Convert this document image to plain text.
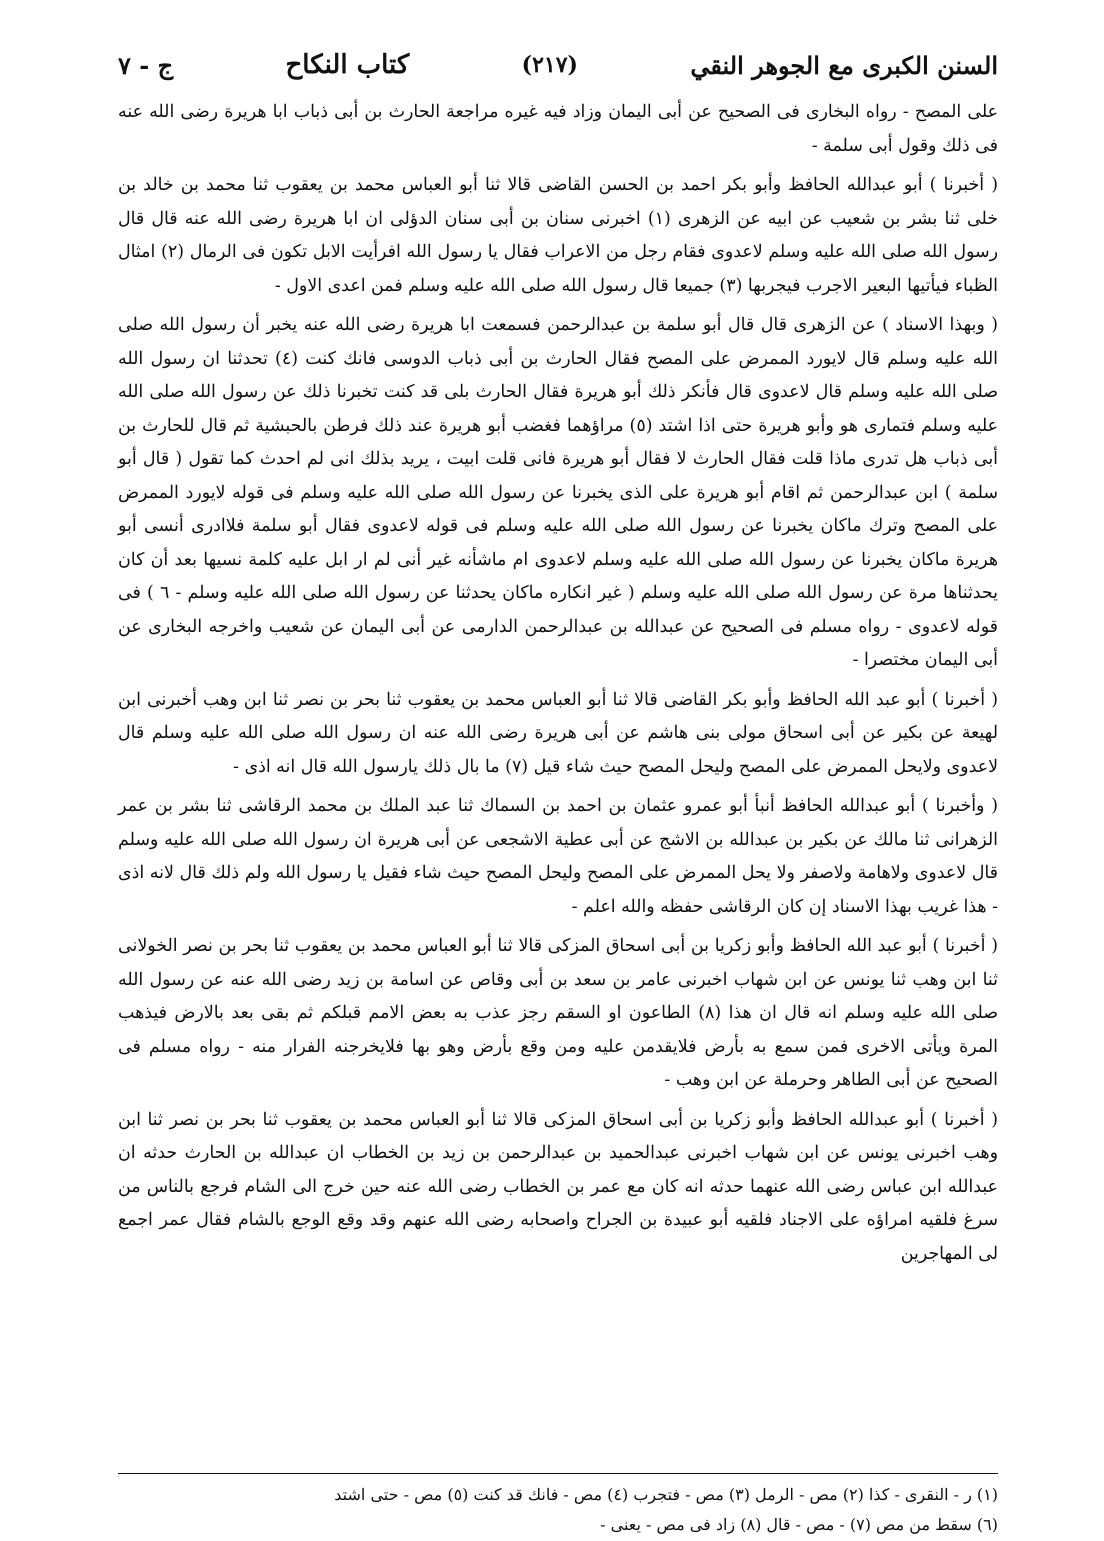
السنن الكبرى مع الجوهر النقي
(٢١٧)
كتاب النكاح
ج - ٧

على المصح - رواه البخارى فى الصحيح عن أبى اليمان وزاد فيه غيره مراجعة الحارث بن أبى ذباب ابا هريرة رضى الله عنه فى ذلك وقول أبى سلمة -

( أخبرنا ) أبو عبدالله الحافظ وأبو بكر احمد بن الحسن القاضى قالا ثنا أبو العباس محمد بن يعقوب ثنا محمد بن خالد بن خلى ثنا بشر بن شعيب عن ابيه عن الزهرى (١) اخبرنى سنان بن أبى سنان الدؤلى ان ابا هريرة رضى الله عنه قال قال رسول الله صلى الله عليه وسلم لاعدوى فقام رجل من الاعراب فقال يا رسول الله افرأيت الابل تكون فى الرمال (٢) امثال الظباء فيأتيها البعير الاجرب فيجربها (٣) جميعا قال رسول الله صلى الله عليه وسلم فمن اعدى الاول -

( وبهذا الاسناد ) عن الزهرى قال قال أبو سلمة بن عبدالرحمن فسمعت ابا هريرة رضى الله عنه يخبر أن رسول الله صلى الله عليه وسلم قال لايورد الممرض على المصح فقال الحارث بن أبى ذباب الدوسى فانك كنت (٤) تحدثنا ان رسول الله صلى الله عليه وسلم قال لاعدوى قال فأنكر ذلك أبو هريرة فقال الحارث بلى قد كنت تخبرنا ذلك عن رسول الله صلى الله عليه وسلم فتمارى هو وأبو هريرة حتى اذا اشتد (٥) مراؤهما فغضب أبو هريرة عند ذلك فرطن بالحبشية ثم قال للحارث بن أبى ذباب هل تدرى ماذا قلت فقال الحارث لا فقال أبو هريرة فانى قلت ابيت ، يريد بذلك انى لم احدث كما تقول ( قال أبو سلمة ) ابن عبدالرحمن ثم اقام أبو هريرة على الذى يخبرنا عن رسول الله صلى الله عليه وسلم فى قوله لايورد الممرض على المصح وترك ماكان يخبرنا عن رسول الله صلى الله عليه وسلم فى قوله لاعدوى فقال أبو سلمة فلاادرى أنسى أبو هريرة ماكان يخبرنا عن رسول الله صلى الله عليه وسلم لاعدوى ام ماشأنه غير أنى لم ار ابل عليه كلمة نسيها بعد أن كان يحدثناها مرة عن رسول الله صلى الله عليه وسلم ( غير انكاره ماكان يحدثنا عن رسول الله صلى الله عليه وسلم - ٦ ) فى قوله لاعدوى - رواه مسلم فى الصحيح عن عبدالله بن عبدالرحمن الدارمى عن أبى اليمان عن شعيب واخرجه البخارى عن أبى اليمان مختصرا -

( أخبرنا ) أبو عبد الله الحافظ وأبو بكر القاضى قالا ثنا أبو العباس محمد بن يعقوب ثنا بحر بن نصر ثنا ابن وهب أخبرنى ابن لهيعة عن بكير عن أبى اسحاق مولى بنى هاشم عن أبى هريرة رضى الله عنه ان رسول الله صلى الله عليه وسلم قال لاعدوى ولايحل الممرض على المصح وليحل المصح حيث شاء قيل (٧) ما بال ذلك يارسول الله قال انه اذى -

( وأخبرنا ) أبو عبدالله الحافظ أنبأ أبو عمرو عثمان بن احمد بن السماك ثنا عبد الملك بن محمد الرقاشى ثنا بشر بن عمر الزهرانى ثنا مالك عن بكير بن عبدالله بن الاشج عن أبى عطية الاشجعى عن أبى هريرة ان رسول الله صلى الله عليه وسلم قال لاعدوى ولاهامة ولاصفر ولا يحل الممرض على المصح وليحل المصح حيث شاء فقيل يا رسول الله ولم ذلك قال لانه اذى - هذا غريب بهذا الاسناد إن كان الرقاشى حفظه والله اعلم -

( أخبرنا ) أبو عبد الله الحافظ وأبو زكريا بن أبى اسحاق المزكى قالا ثنا أبو العباس محمد بن يعقوب ثنا بحر بن نصر الخولانى ثنا ابن وهب ثنا يونس عن ابن شهاب اخبرنى عامر بن سعد بن أبى وقاص عن اسامة بن زيد رضى الله عنه عن رسول الله صلى الله عليه وسلم انه قال ان هذا (٨) الطاعون او السقم رجز عذب به بعض الامم قبلكم ثم بقى بعد بالارض فيذهب المرة ويأتى الاخرى فمن سمع به بأرض فلايقدمن عليه ومن وقع بأرض وهو بها فلايخرجنه الفرار منه - رواه مسلم فى الصحيح عن أبى الطاهر وحرملة عن ابن وهب -

( أخبرنا ) أبو عبدالله الحافظ وأبو زكريا بن أبى اسحاق المزكى قالا ثنا أبو العباس محمد بن يعقوب ثنا بحر بن نصر ثنا ابن وهب اخبرنى يونس عن ابن شهاب اخبرنى عبدالحميد بن عبدالرحمن بن زيد بن الخطاب ان عبدالله بن الحارث حدثه ان عبدالله ابن عباس رضى الله عنهما حدثه انه كان مع عمر بن الخطاب رضى الله عنه حين خرج الى الشام فرجع بالناس من سرغ فلقيه امراؤه على الاجناد فلقيه أبو عبيدة بن الجراح واصحابه رضى الله عنهم وقد وقع الوجع بالشام فقال عمر اجمع لى المهاجرين

(١) ر - النقرى - كذا (٢) مص - الرمل (٣) مص - فتجرب (٤) مص - فانك قد كنت (٥) مص - حتى اشتد
(٦) سقط من مص (٧) - مص - قال (٨) زاد فى مص - يعنى -
